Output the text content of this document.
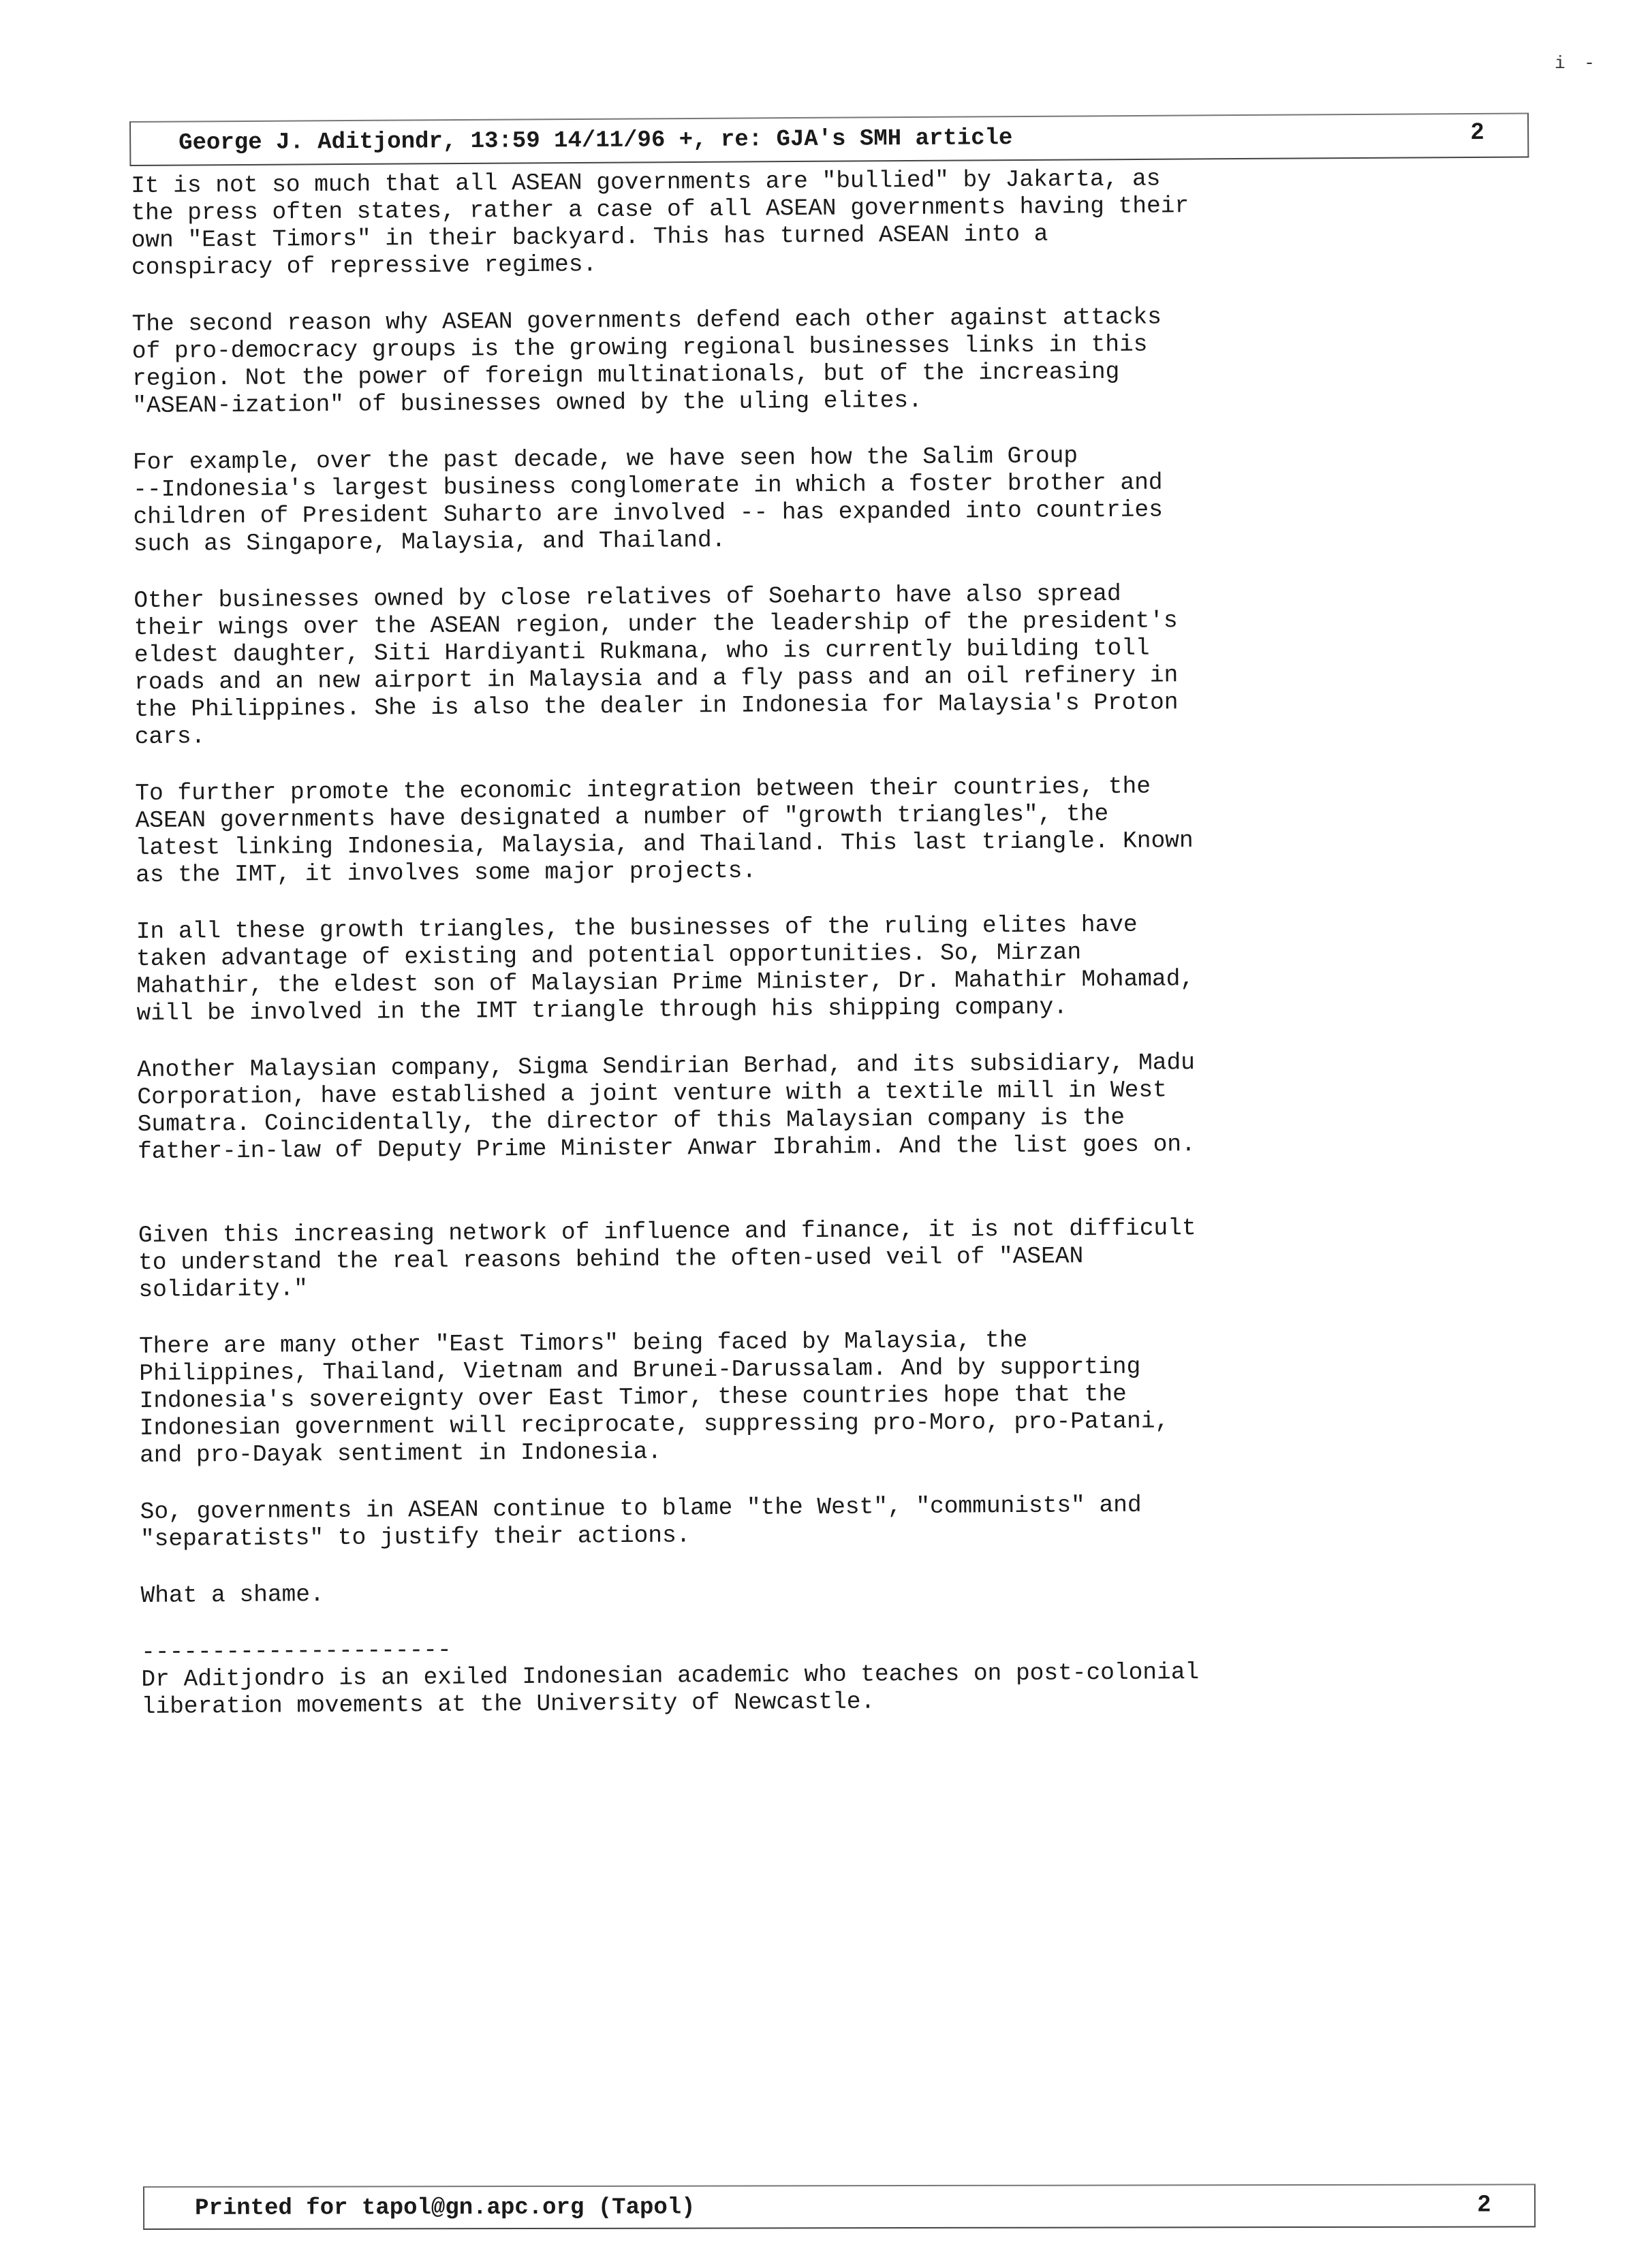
i -
George J. Aditjondr, 13:59 14/11/96 +, re: GJA's SMH article	2

It is not so much that all ASEAN governments are "bullied" by Jakarta, as
the press often states, rather a case of all ASEAN governments having their
own "East Timors" in their backyard. This has turned ASEAN into a
conspiracy of repressive regimes.

The second reason why ASEAN governments defend each other against attacks
of pro-democracy groups is the growing regional businesses links in this
region. Not the power of foreign multinationals, but of the increasing
"ASEAN-ization" of businesses owned by the uling elites.

For example, over the past decade, we have seen how the Salim Group
--Indonesia's largest business conglomerate in which a foster brother and
children of President Suharto are involved -- has expanded into countries
such as Singapore, Malaysia, and Thailand.

Other businesses owned by close relatives of Soeharto have also spread
their wings over the ASEAN region, under the leadership of the president's
eldest daughter, Siti Hardiyanti Rukmana, who is currently building toll
roads and an new airport in Malaysia and a fly pass and an oil refinery in
the Philippines. She is also the dealer in Indonesia for Malaysia's Proton
cars.

To further promote the economic integration between their countries, the
ASEAN governments have designated a number of "growth triangles", the
latest linking Indonesia, Malaysia, and Thailand. This last triangle. Known
as the IMT, it involves some major projects.

In all these growth triangles, the businesses of the ruling elites have
taken advantage of existing and potential opportunities. So, Mirzan
Mahathir, the eldest son of Malaysian Prime Minister, Dr. Mahathir Mohamad,
will be involved in the IMT triangle through his shipping company.

Another Malaysian company, Sigma Sendirian Berhad, and its subsidiary, Madu
Corporation, have established a joint venture with a textile mill in West
Sumatra. Coincidentally, the director of this Malaysian company is the
father-in-law of Deputy Prime Minister Anwar Ibrahim. And the list goes on.

Given this increasing network of influence and finance, it is not difficult
to understand the real reasons behind the often-used veil of "ASEAN
solidarity."

There are many other "East Timors" being faced by Malaysia, the
Philippines, Thailand, Vietnam and Brunei-Darussalam. And by supporting
Indonesia's sovereignty over East Timor, these countries hope that the
Indonesian government will reciprocate, suppressing pro-Moro, pro-Patani,
and pro-Dayak sentiment in Indonesia.

So, governments in ASEAN continue to blame "the West", "communists" and
"separatists" to justify their actions.

What a shame.

----------------------

Dr Aditjondro is an exiled Indonesian academic who teaches on post-colonial
liberation movements at the University of Newcastle.

Printed for tapol@gn.apc.org (Tapol)	2
